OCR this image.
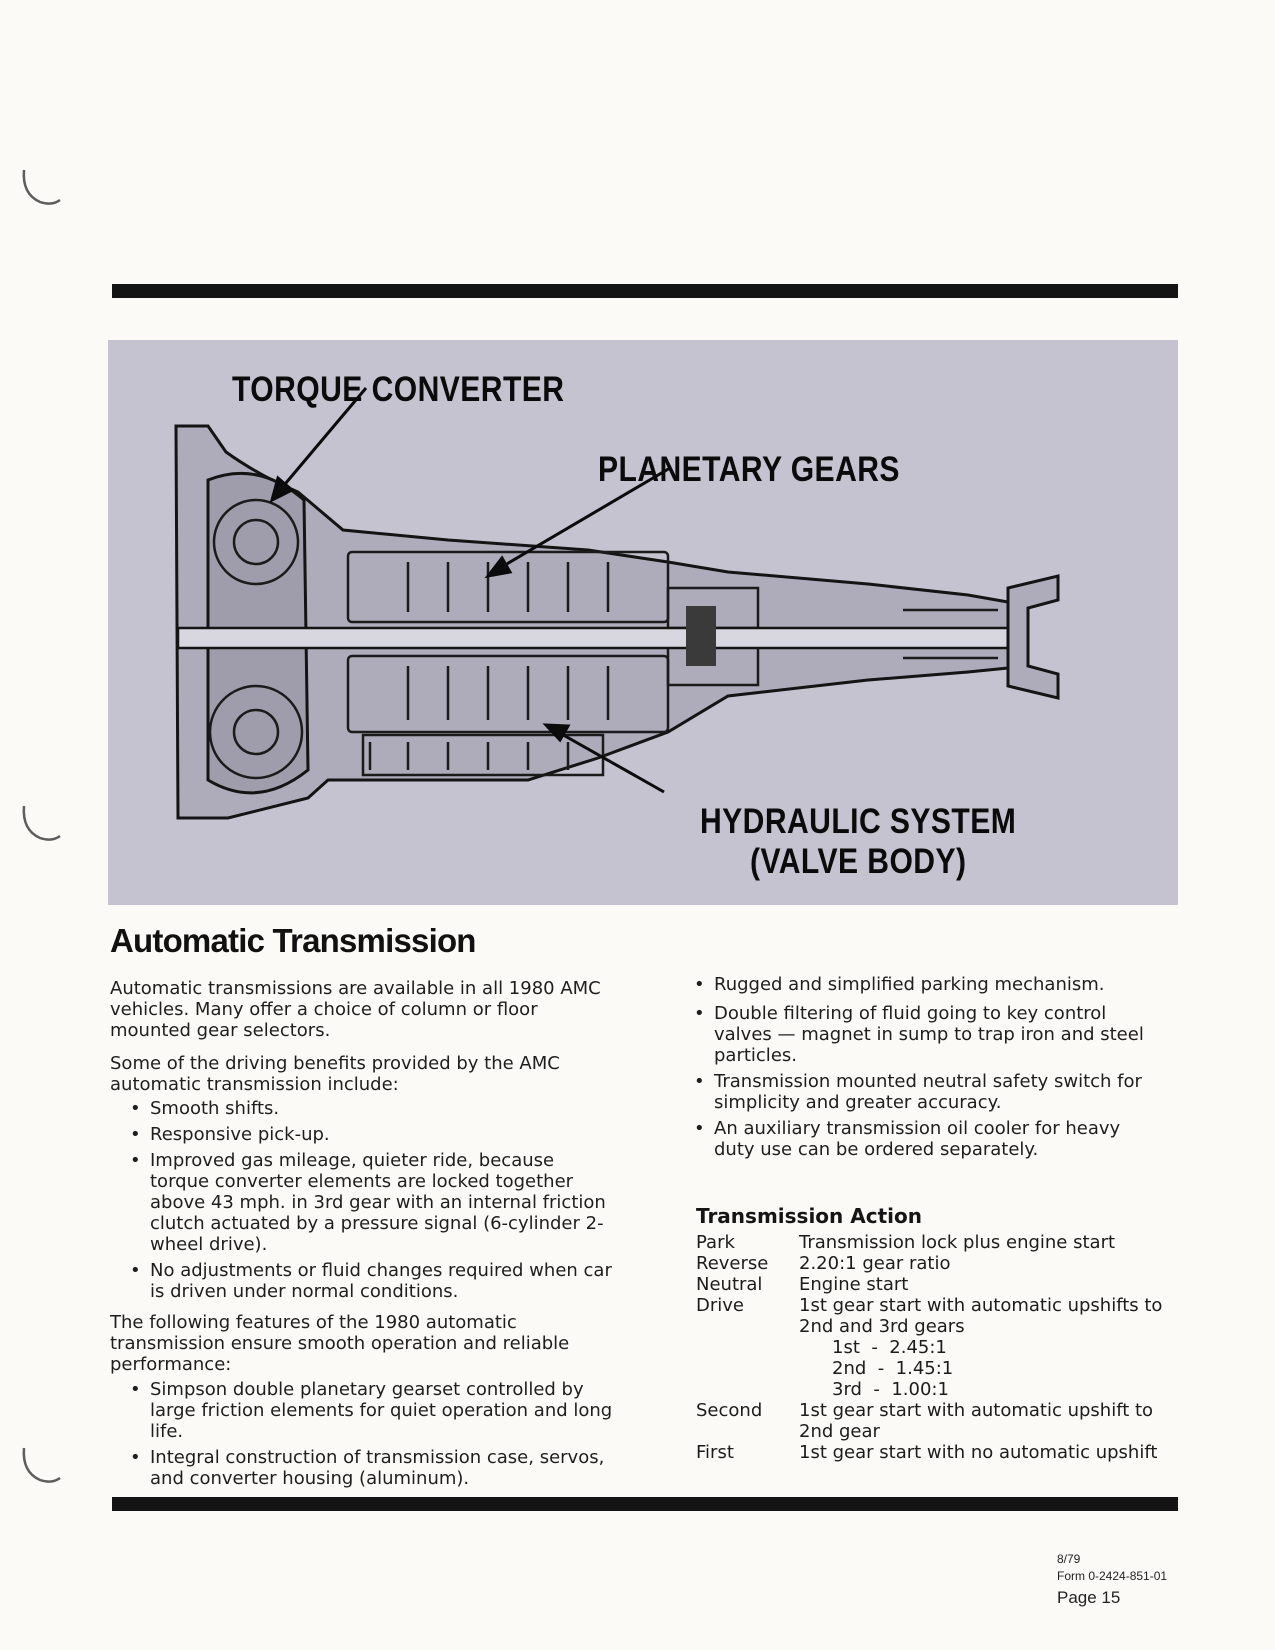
TORQUE CONVERTER
PLANETARY GEARS
HYDRAULIC SYSTEM
(VALVE BODY)
Automatic Transmission

Automatic transmissions are available in all 1980 AMC vehicles. Many offer a choice of column or floor mounted gear selectors.

Some of the driving benefits provided by the AMC automatic transmission include:

• Smooth shifts.
• Responsive pick-up.
• Improved gas mileage, quieter ride, because torque converter elements are locked together above 43 mph. in 3rd gear with an internal friction clutch actuated by a pressure signal (6-cylinder 2-wheel drive).
• No adjustments or fluid changes required when car is driven under normal conditions.

The following features of the 1980 automatic transmission ensure smooth operation and reliable performance:

• Simpson double planetary gearset controlled by large friction elements for quiet operation and long life.
• Integral construction of transmission case, servos, and converter housing (aluminum).
• Rugged and simplified parking mechanism.
• Double filtering of fluid going to key control valves — magnet in sump to trap iron and steel particles.
• Transmission mounted neutral safety switch for simplicity and greater accuracy.
• An auxiliary transmission oil cooler for heavy duty use can be ordered separately.
Transmission Action
Park	Transmission lock plus engine start
Reverse	2.20:1 gear ratio
Neutral	Engine start
Drive	1st gear start with automatic upshifts to 2nd and 3rd gears
1st  -  2.45:1
2nd  -  1.45:1
3rd  -  1.00:1
Second	1st gear start with automatic upshift to 2nd gear
First	1st gear start with no automatic upshift
8/79
Form 0-2424-851-01
Page 15
